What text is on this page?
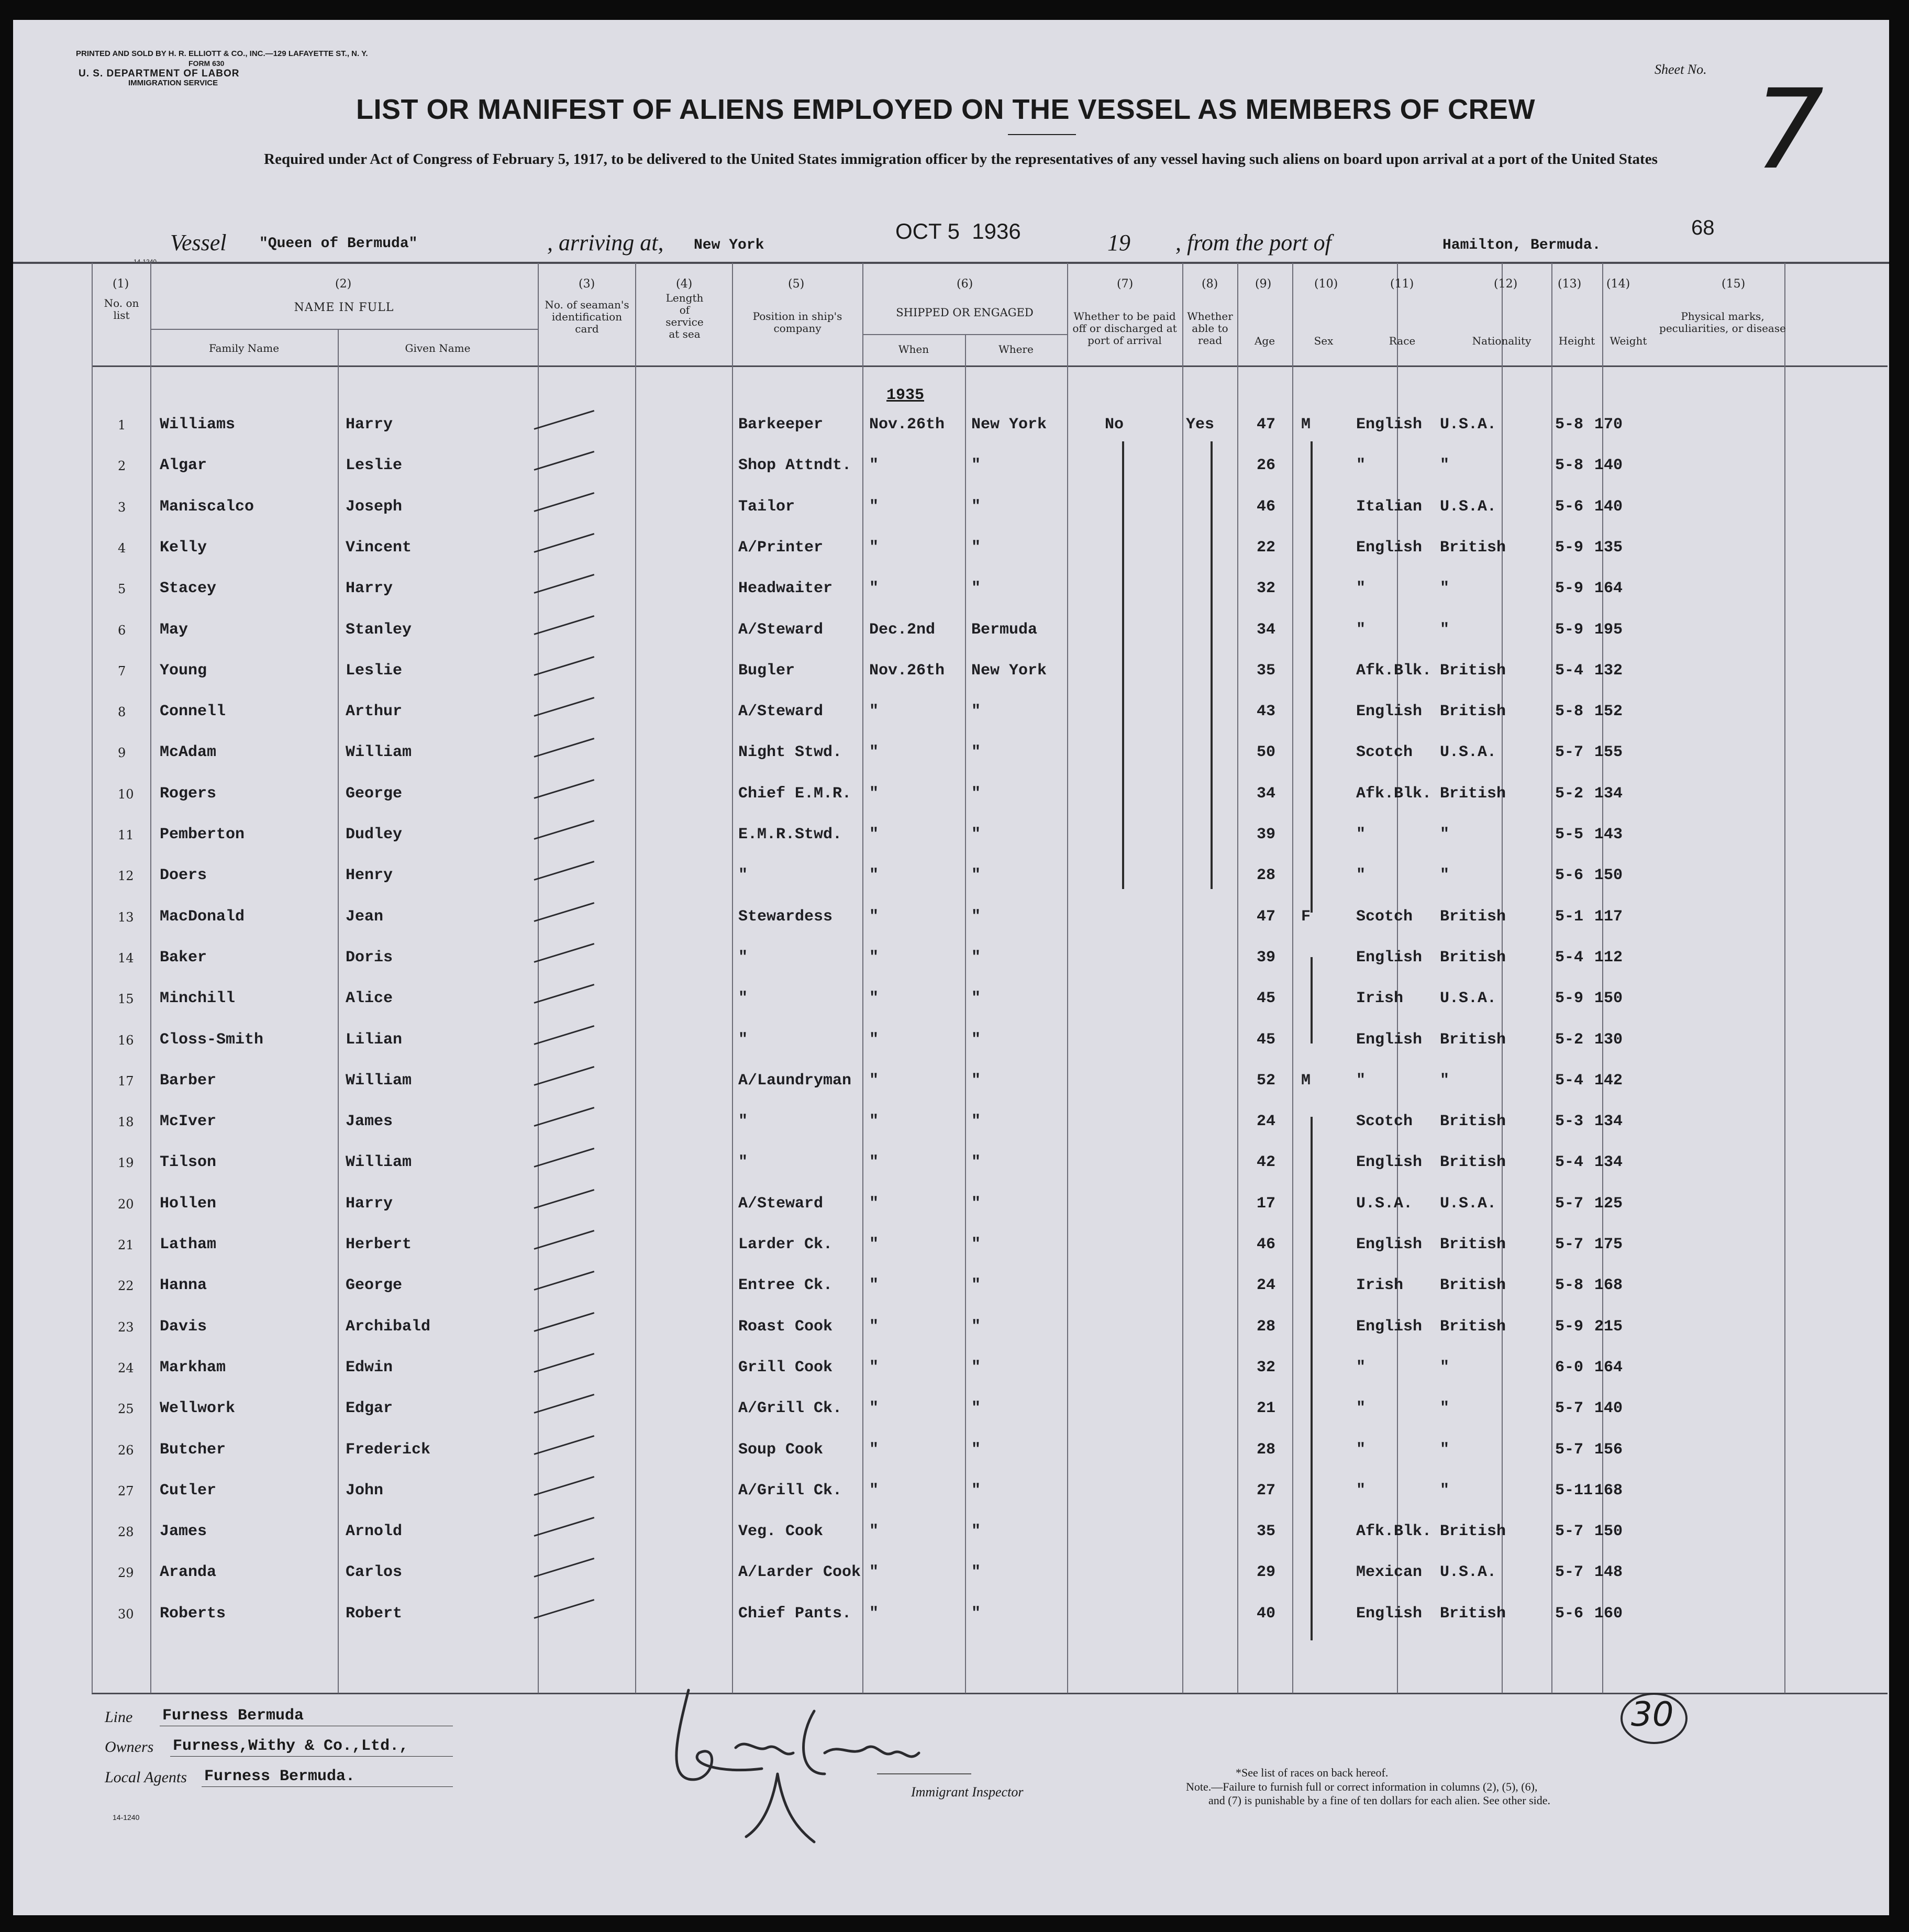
PRINTED AND SOLD BY H. R. ELLIOTT & CO., INC.—129 LAFAYETTE ST., N. Y.
FORM 630
U. S. DEPARTMENT OF LABOR
IMMIGRATION SERVICE
Sheet No. 7
LIST OR MANIFEST OF ALIENS EMPLOYED ON THE VESSEL AS MEMBERS OF CREW
Required under Act of Congress of February 5, 1917, to be delivered to the United States immigration officer by the representatives of any vessel having such aliens on board upon arrival at a port of the United States
Vessel "Queen of Bermuda"	, arriving at, New York
OCT 5  1936	19 , from the port of	Hamilton, Bermuda.
68
(1)
No. on list
(2)
NAME IN FULL
Family Name	Given Name
(3)
No. of seaman's identification card
(4)
Length of service at sea
(5)
Position in ship's company
(6)
SHIPPED OR ENGAGED
When	Where
(7)
Whether to be paid off or discharged at port of arrival
(8)
Whether able to read
(9)
Age
(10)
Sex
(11)
Race
(12)
Nationality
(13)
Height
(14)
Weight
(15)
Physical marks, peculiarities, or disease
1935
1 Williams	Harry	Barkeeper	Nov.26th New York	No	Yes	47 M	English U.S.A.	5-8 170
2 Algar	Leslie	Shop Attndt. "	"	26	"	"	5-8 140
3 Maniscalco	Joseph	Tailor	"	"	46	Italian U.S.A.	5-6 140
4 Kelly	Vincent	A/Printer	"	"	22	English British	5-9 135
5 Stacey	Harry	Headwaiter "	"	32	"	"	5-9 164
6 May	Stanley	A/Steward	Dec.2nd Bermuda	34	"	"	5-9 195
7 Young	Leslie	Bugler	Nov.26th New York	35	Afk.Blk. British	5-4 132
8 Connell	Arthur	A/Steward	"	"	43	English British	5-8 152
9 McAdam	William	Night Stwd. "	"	50	Scotch U.S.A.	5-7 155
10 Rogers	George	Chief E.M.R. "	"	34	Afk.Blk. British	5-2 134
11 Pemberton	Dudley	E.M.R.Stwd. "	"	39	"	"	5-5 143
12 Doers	Henry	"	"	"	28	"	"	5-6 150
13 MacDonald	Jean	Stewardess "	"	47 F	Scotch British	5-1 117
14 Baker	Doris	"	"	"	39	English British	5-4 112
15 Minchill	Alice	"	"	"	45	Irish U.S.A.	5-9 150
16 Closs-Smith	Lilian	"	"	"	45	English British	5-2 130
17 Barber	William	A/Laundryman "	"	52 M	"	"	5-4 142
18 McIver	James	"	"	"	24	Scotch British	5-3 134
19 Tilson	William	"	"	"	42	English British	5-4 134
20 Hollen	Harry	A/Steward	"	"	17	U.S.A. U.S.A.	5-7 125
21 Latham	Herbert	Larder Ck. "	"	46	English British	5-7 175
22 Hanna	George	Entree Ck. "	"	24	Irish British	5-8 168
23 Davis	Archibald	Roast Cook "	"	28	English British	5-9 215
24 Markham	Edwin	Grill Cook "	"	32	"	"	6-0 164
25 Wellwork	Edgar	A/Grill Ck. "	"	21	"	"	5-7 140
26 Butcher	Frederick	Soup Cook	"	"	28	"	"	5-7 156
27 Cutler	John	A/Grill Ck. "	"	27	"	"	5-11 168
28 James	Arnold	Veg. Cook	"	"	35	Afk.Blk. British	5-7 150
29 Aranda	Carlos	A/Larder Cook "	"	29	Mexican U.S.A.	5-7 148
30 Roberts	Robert	Chief Pants. "	"	40	English British	5-6 160
Line Furness Bermuda
Owners Furness,Withy & Co.,Ltd.,
Local Agents Furness Bermuda.
14-1240
Immigrant Inspector
30
*See list of races on back hereof.
Note.—Failure to furnish full or correct information in columns (2), (5), (6),
and (7) is punishable by a fine of ten dollars for each alien. See other side.
